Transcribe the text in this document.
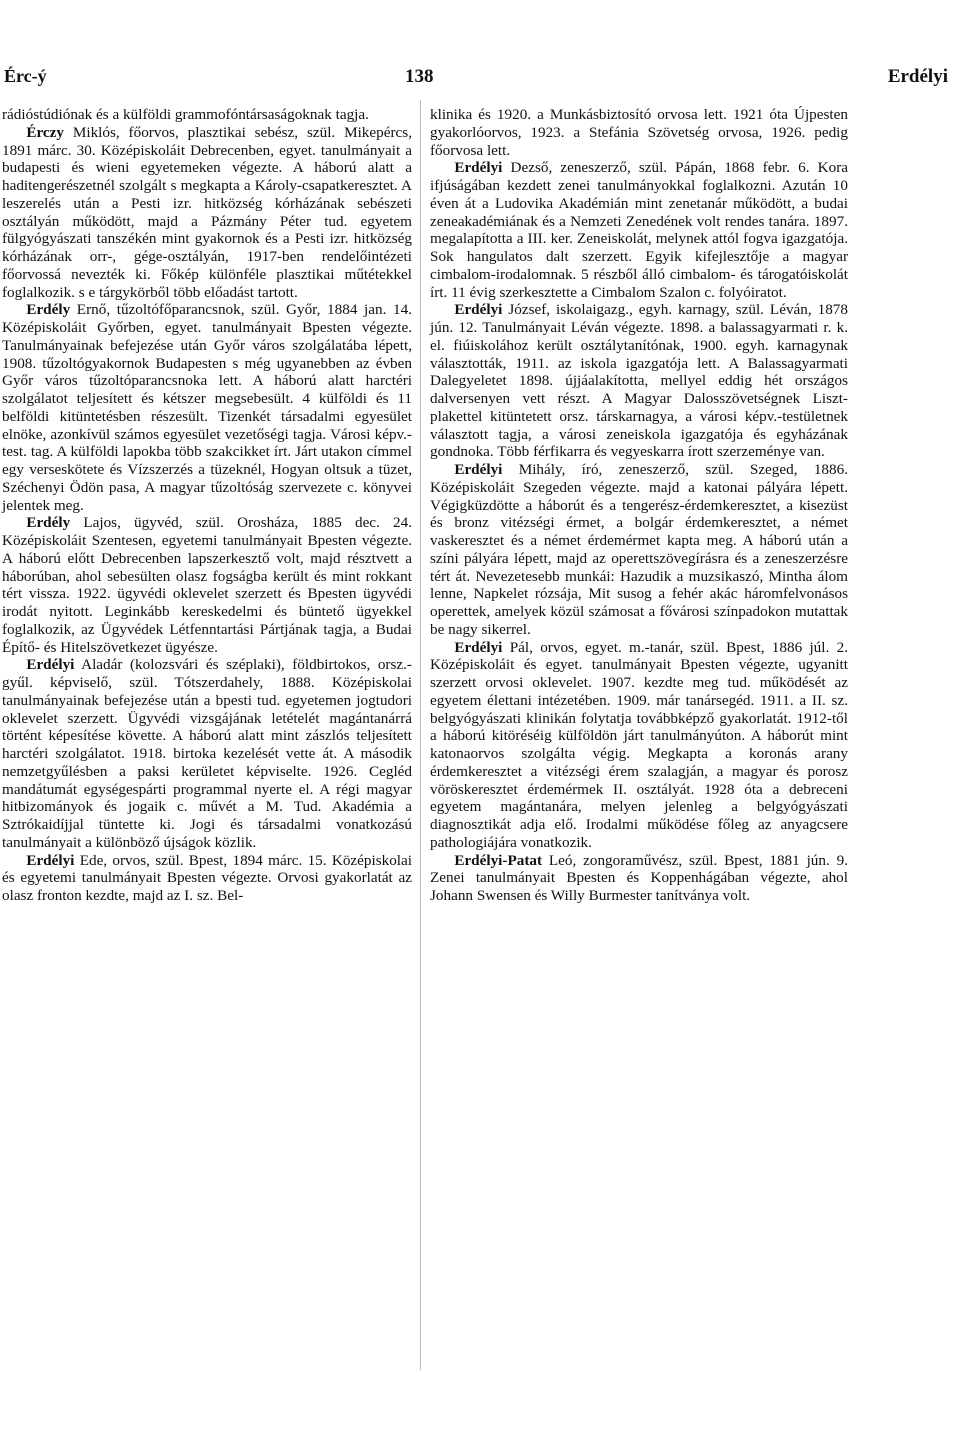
Érc-ý	138	Erdélyi

rádióstúdiónak és a külföldi grammofóntársaságoknak tagja.

Érczy Miklós, főorvos, plasztikai sebész, szül. Mikepércs, 1891 márc. 30. Középiskoláit Debrecenben, egyet. tanulmányait a budapesti és wieni egyetemeken végezte. A háború alatt a haditengerészetnél szolgált s megkapta a Károly-csapatkeresztet. A leszerelés után a Pesti izr. hitközség kórházának sebészeti osztályán működött, majd a Pázmány Péter tud. egyetem fülgyógyászati tanszékén mint gyakornok és a Pesti izr. hitközség kórházának orr-, gége-osztályán, 1917-ben rendelőintézeti főorvossá nevezték ki. Főkép különféle plasztikai műtétekkel foglalkozik. s e tárgykörből több előadást tartott.

Erdély Ernő, tűzoltófőparancsnok, szül. Győr, 1884 jan. 14. Középiskoláit Győrben, egyet. tanulmányait Bpesten végezte. Tanulmányainak befejezése után Győr város szolgálatába lépett, 1908. tűzoltógyakornok Budapesten s még ugyanebben az évben Győr város tűzoltóparancsnoka lett. A háború alatt harctéri szolgálatot teljesített és kétszer megsebesült. 4 külföldi és 11 belföldi kitüntetésben részesült. Tizenkét társadalmi egyesület elnöke, azonkívül számos egyesület vezetőségi tagja. Városi képv.-test. tag. A külföldi lapokba több szakcikket írt. Járt utakon címmel egy verseskötete és Vízszerzés a tüzeknél, Hogyan oltsuk a tüzet, Széchenyi Ödön pasa, A magyar tűzoltóság szervezete c. könyvei jelentek meg.

Erdély Lajos, ügyvéd, szül. Orosháza, 1885 dec. 24. Középiskoláit Szentesen, egyetemi tanulmányait Bpesten végezte. A háború előtt Debrecenben lapszerkesztő volt, majd résztvett a háborúban, ahol sebesülten olasz fogságba került és mint rokkant tért vissza. 1922. ügyvédi oklevelet szerzett és Bpesten ügyvédi irodát nyitott. Leginkább kereskedelmi és büntető ügyekkel foglalkozik, az Ügyvédek Létfenntartási Pártjának tagja, a Budai Építő- és Hitelszövetkezet ügyésze.

Erdélyi Aladár (kolozsvári és széplaki), földbirtokos, orsz.-gyűl. képviselő, szül. Tótszerdahely, 1888. Középiskolai tanulmányainak befejezése után a bpesti tud. egyetemen jogtudori oklevelet szerzett. Ügyvédi vizsgájának letételét magántanárrá történt képesítése követte. A háború alatt mint zászlós teljesített harctéri szolgálatot. 1918. birtoka kezelését vette át. A második nemzetgyűlésben a paksi kerületet képviselte. 1926. Cegléd mandátumát egységespárti programmal nyerte el. A régi magyar hitbizományok és jogaik c. művét a M. Tud. Akadémia a Sztrókaidíjjal tüntette ki. Jogi és társadalmi vonatkozású tanulmányait a különböző újságok közlik.

Erdélyi Ede, orvos, szül. Bpest, 1894 márc. 15. Középiskolai és egyetemi tanulmányait Bpesten végezte. Orvosi gyakorlatát az olasz fronton kezdte, majd az I. sz. Bel-

klinika és 1920. a Munkásbiztosító orvosa lett. 1921 óta Újpesten gyakorlóorvos, 1923. a Stefánia Szövetség orvosa, 1926. pedig főorvosa lett.

Erdélyi Dezső, zeneszerző, szül. Pápán, 1868 febr. 6. Kora ifjúságában kezdett zenei tanulmányokkal foglalkozni. Azután 10 éven át a Ludovika Akadémián mint zenetanár működött, a budai zeneakadémiának és a Nemzeti Zenedének volt rendes tanára. 1897. megalapította a III. ker. Zeneiskolát, melynek attól fogva igazgatója. Sok hangulatos dalt szerzett. Egyik kifejlesztője a magyar cimbalom-irodalomnak. 5 részből álló cimbalom- és tárogatóiskolát írt. 11 évig szerkesztette a Cimbalom Szalon c. folyóiratot.

Erdélyi József, iskolaigazg., egyh. karnagy, szül. Léván, 1878 jún. 12. Tanulmányait Léván végezte. 1898. a balassagyarmati r. k. el. fiúiskolához került osztálytanítónak, 1900. egyh. karnagynak választották, 1911. az iskola igazgatója lett. A Balassagyarmati Dalegyeletet 1898. újjáalakította, mellyel eddig hét országos dalversenyen vett részt. A Magyar Dalosszövetségnek Liszt-plakettel kitüntetett orsz. társkarnagya, a városi képv.-testületnek választott tagja, a városi zeneiskola igazgatója és egyházának gondnoka. Több férfikarra és vegyeskarra írott szerzeménye van.

Erdélyi Mihály, író, zeneszerző, szül. Szeged, 1886. Középiskoláit Szegeden végezte. majd a katonai pályára lépett. Végigküzdötte a háborút és a tengerész-érdemkeresztet, a kisezüst és bronz vitézségi érmet, a bolgár érdemkeresztet, a német vaskeresztet és a német érdemérmet kapta meg. A háború után a színi pályára lépett, majd az operettszövegírásra és a zeneszerzésre tért át. Nevezetesebb munkái: Hazudik a muzsikaszó, Mintha álom lenne, Napkelet rózsája, Mit susog a fehér akác háromfelvonásos operettek, amelyek közül számosat a fővárosi színpadokon mutattak be nagy sikerrel.

Erdélyi Pál, orvos, egyet. m.-tanár, szül. Bpest, 1886 júl. 2. Középiskoláit és egyet. tanulmányait Bpesten végezte, ugyanitt szerzett orvosi oklevelet. 1907. kezdte meg tud. működését az egyetem élettani intézetében. 1909. már tanársegéd. 1911. a II. sz. belgyógyászati klinikán folytatja továbbképző gyakorlatát. 1912-től a háború kitöréséig külföldön járt tanulmányúton. A háborút mint katonaorvos szolgálta végig. Megkapta a koronás arany érdemkeresztet a vitézségi érem szalagján, a magyar és porosz vöröskeresztet érdemérmek II. osztályát. 1928 óta a debreceni egyetem magántanára, melyen jelenleg a belgyógyászati diagnosztikát adja elő. Irodalmi működése főleg az anyagcsere pathologiájára vonatkozik.

Erdélyi-Patat Leó, zongoraművész, szül. Bpest, 1881 jún. 9. Zenei tanulmányait Bpesten és Koppenhágában végezte, ahol Johann Swensen és Willy Burmester tanítványa volt.
